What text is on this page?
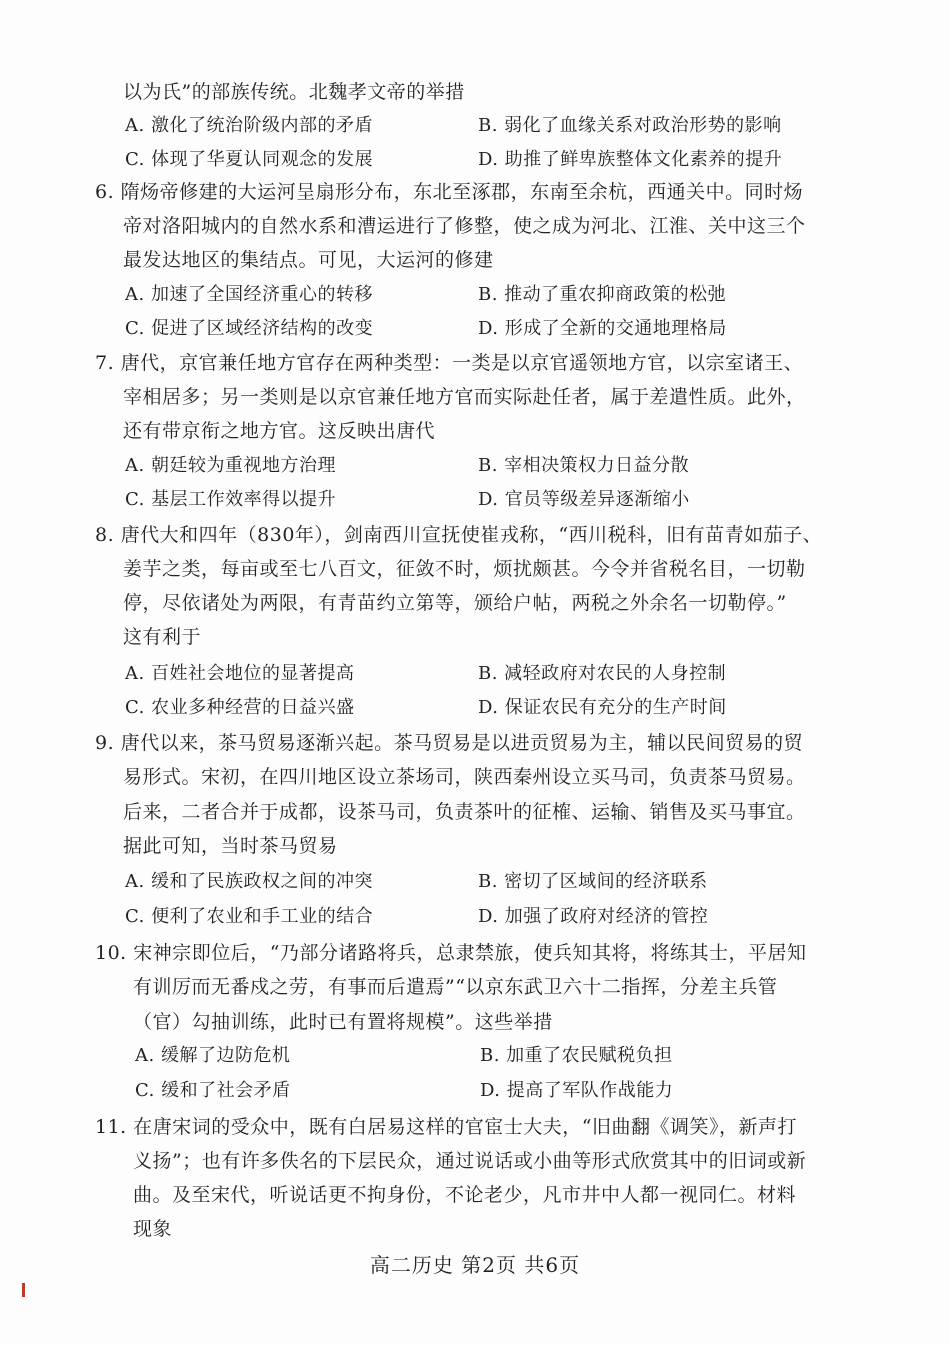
以为氏”的部族传统。北魏孝文帝的举措
A. 激化了统治阶级内部的矛盾	B. 弱化了血缘关系对政治形势的影响
C. 体现了华夏认同观念的发展	D. 助推了鲜卑族整体文化素养的提升
6. 隋炀帝修建的大运河呈扇形分布，东北至涿郡，东南至余杭，西通关中。同时炀
帝对洛阳城内的自然水系和漕运进行了修整，使之成为河北、江淮、关中这三个
最发达地区的集结点。可见，大运河的修建
A. 加速了全国经济重心的转移	B. 推动了重农抑商政策的松弛
C. 促进了区域经济结构的改变	D. 形成了全新的交通地理格局
7. 唐代，京官兼任地方官存在两种类型：一类是以京官遥领地方官，以宗室诸王、
宰相居多；另一类则是以京官兼任地方官而实际赴任者，属于差遣性质。此外，
还有带京衔之地方官。这反映出唐代
A. 朝廷较为重视地方治理	B. 宰相决策权力日益分散
C. 基层工作效率得以提升	D. 官员等级差异逐渐缩小
8. 唐代大和四年（830年），剑南西川宣抚使崔戎称，“西川税科，旧有苗青如茄子、
姜芋之类，每亩或至七八百文，征敛不时，烦扰颇甚。今令并省税名目，一切勒
停，尽依诸处为两限，有青苗约立第等，颁给户帖，两税之外余名一切勒停。”
这有利于
A. 百姓社会地位的显著提高	B. 减轻政府对农民的人身控制
C. 农业多种经营的日益兴盛	D. 保证农民有充分的生产时间
9. 唐代以来，茶马贸易逐渐兴起。茶马贸易是以进贡贸易为主，辅以民间贸易的贸
易形式。宋初，在四川地区设立茶场司，陕西秦州设立买马司，负责茶马贸易。
后来，二者合并于成都，设茶马司，负责茶叶的征榷、运输、销售及买马事宜。
据此可知，当时茶马贸易
A. 缓和了民族政权之间的冲突	B. 密切了区域间的经济联系
C. 便利了农业和手工业的结合	D. 加强了政府对经济的管控
10. 宋神宗即位后，“乃部分诸路将兵，总隶禁旅，使兵知其将，将练其士，平居知
有训厉而无番戍之劳，有事而后遣焉”“以京东武卫六十二指挥，分差主兵管
（官）勾抽训练，此时已有置将规模”。这些举措
A. 缓解了边防危机	B. 加重了农民赋税负担
C. 缓和了社会矛盾	D. 提高了军队作战能力
11. 在唐宋词的受众中，既有白居易这样的官宦士大夫，“旧曲翻《调笑》，新声打
义扬”；也有许多佚名的下层民众，通过说话或小曲等形式欣赏其中的旧词或新
曲。及至宋代，听说话更不拘身份，不论老少，凡市井中人都一视同仁。材料
现象
高二历史 第2页 共6页
